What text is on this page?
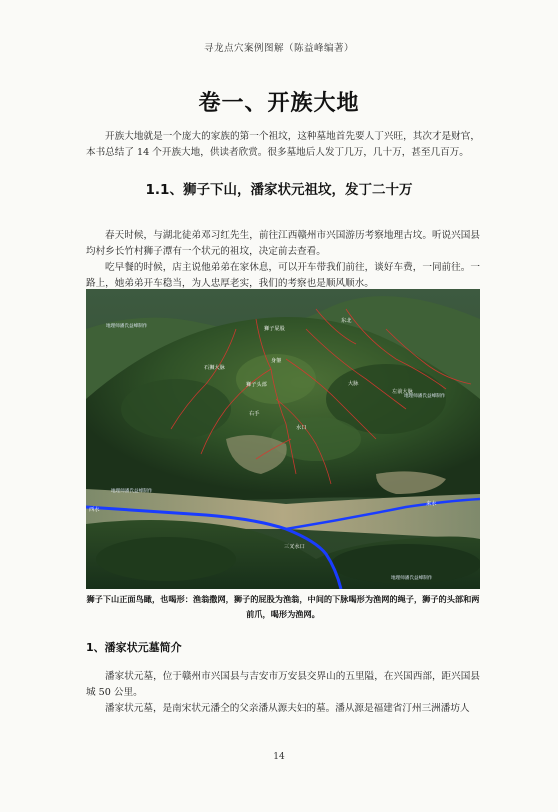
寻龙点穴案例图解（陈益峰编著）
卷一、开族大地
开族大地就是一个庞大的家族的第一个祖坟，这种墓地首先要人丁兴旺，其次才是财官，本书总结了 14 个开族大地，供读者欣赏。很多墓地后人发丁几万，几十万，甚至几百万。
1.1、狮子下山，潘家状元祖坟，发丁二十万
春天时候，与湖北徒弟邓习红先生，前往江西赣州市兴国游历考察地理古坟。听说兴国县均村乡长竹村狮子潭有一个状元的祖坟，决定前去查看。
吃早餐的时候，店主说他弟弟在家休息，可以开车带我们前往，谈好车费，一同前往。一路上，她弟弟开车稳当，为人忠厚老实，我们的考察也是顺风顺水。
地理师潘氏益峰制作	狮子屁股
东北
身躯
石狮大脉
狮子头部	大脉
左前大脉
地理师潘氏益峰制作
右手
水口
地理师潘氏益峰制作
西水
三叉水口
来水
地理师潘氏益峰制作
狮子下山正面鸟瞰，也喝形：渔翁撒网，狮子的屁股为渔翁，中间的下脉喝形为渔网的绳子，狮子的头部和两前爪，喝形为渔网。
1、潘家状元墓简介
潘家状元墓，位于赣州市兴国县与吉安市万安县交界山的五里隘，在兴国西部，距兴国县城 50 公里。
潘家状元墓，是南宋状元潘仝的父亲潘从源夫妇的墓。潘从源是福建省汀州三洲潘坊人
14
